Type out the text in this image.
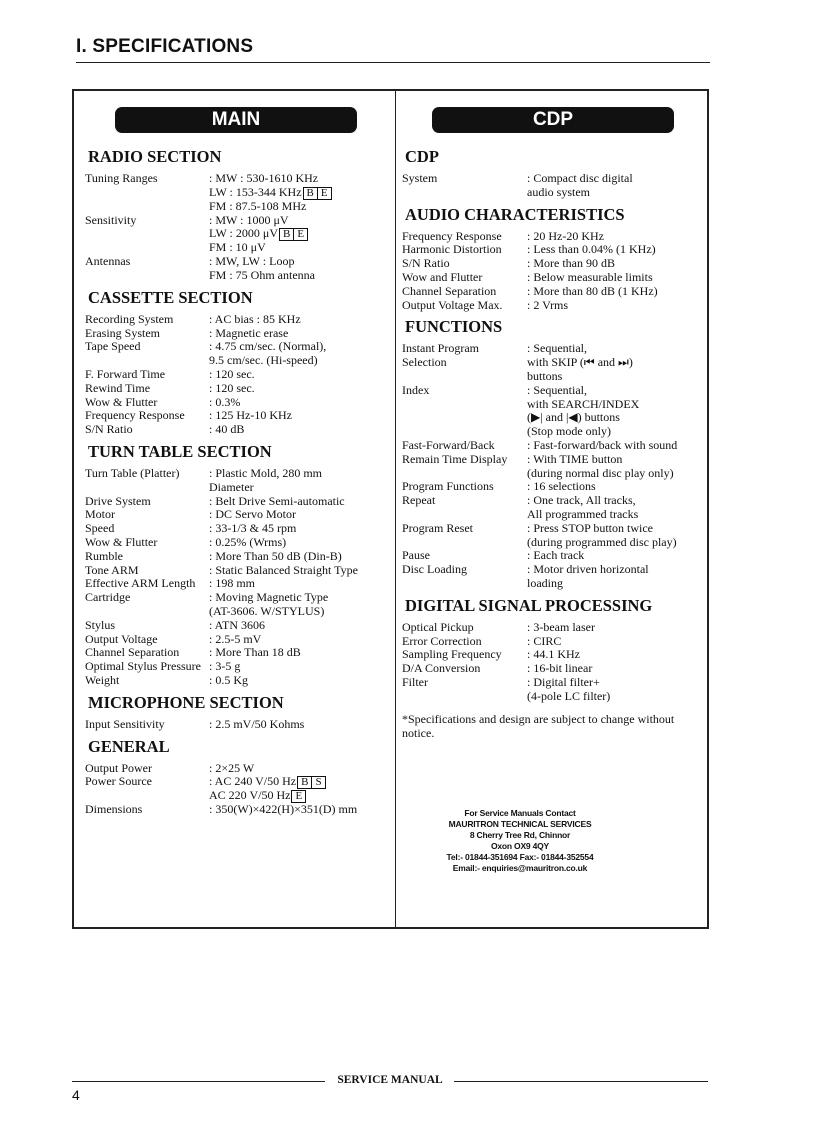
I. SPECIFICATIONS
MAIN	CDP
RADIO SECTION
Tuning Ranges	: MW : 530-1610 KHz
LW : 153-344 KHz B E
FM : 87.5-108 MHz
Sensitivity	: MW : 1000 μV
LW : 2000 μV B E
FM : 10 μV
Antennas	: MW, LW : Loop
FM : 75 Ohm antenna
CASSETTE SECTION
Recording System	: AC bias : 85 KHz
Erasing System	: Magnetic erase
Tape Speed	: 4.75 cm/sec. (Normal),
9.5 cm/sec. (Hi-speed)
F. Forward Time	: 120 sec.
Rewind Time	: 120 sec.
Wow & Flutter	: 0.3%
Frequency Response	: 125 Hz-10 KHz
S/N Ratio	: 40 dB
TURN TABLE SECTION
Turn Table (Platter)	: Plastic Mold, 280 mm
Diameter
Drive System	: Belt Drive Semi-automatic
Motor	: DC Servo Motor
Speed	: 33-1/3 & 45 rpm
Wow & Flutter	: 0.25% (Wrms)
Rumble	: More Than 50 dB (Din-B)
Tone ARM	: Static Balanced Straight Type
Effective ARM Length	: 198 mm
Cartridge	: Moving Magnetic Type
(AT-3606. W/STYLUS)
Stylus	: ATN 3606
Output Voltage	: 2.5-5 mV
Channel Separation	: More Than 18 dB
Optimal Stylus Pressure : 3-5 g
Weight	: 0.5 Kg
MICROPHONE SECTION
Input Sensitivity	: 2.5 mV/50 Kohms
GENERAL
Output Power	: 2×25 W
Power Source	: AC 240 V/50 Hz B S
AC 220 V/50 Hz E
Dimensions	: 350(W)×422(H)×351(D) mm
CDP
System	: Compact disc digital
audio system
AUDIO CHARACTERISTICS
Frequency Response	: 20 Hz-20 KHz
Harmonic Distortion	: Less than 0.04% (1 KHz)
S/N Ratio	: More than 90 dB
Wow and Flutter	: Below measurable limits
Channel Separation	: More than 80 dB (1 KHz)
Output Voltage Max.	: 2 Vrms
FUNCTIONS
Instant Program	: Sequential,
Selection	with SKIP (⏮ and ⏭)
buttons
Index	: Sequential,
with SEARCH/INDEX
(▶| and |◀) buttons
(Stop mode only)
Fast-Forward/Back	: Fast-forward/back with sound
Remain Time Display	: With TIME button
(during normal disc play only)
Program Functions	: 16 selections
Repeat	: One track, All tracks,
All programmed tracks
Program Reset	: Press STOP button twice
(during programmed disc play)
Pause	: Each track
Disc Loading	: Motor driven horizontal
loading
DIGITAL SIGNAL PROCESSING
Optical Pickup	: 3-beam laser
Error Correction	: CIRC
Sampling Frequency	: 44.1 KHz
D/A Conversion	: 16-bit linear
Filter	: Digital filter+
(4-pole LC filter)
*Specifications and design are subject to change without notice.
For Service Manuals Contact
MAURITRON TECHNICAL SERVICES
8 Cherry Tree Rd, Chinnor
Oxon OX9 4QY
Tel:- 01844-351694 Fax:- 01844-352554
Email:- enquiries@mauritron.co.uk
SERVICE MANUAL
4
